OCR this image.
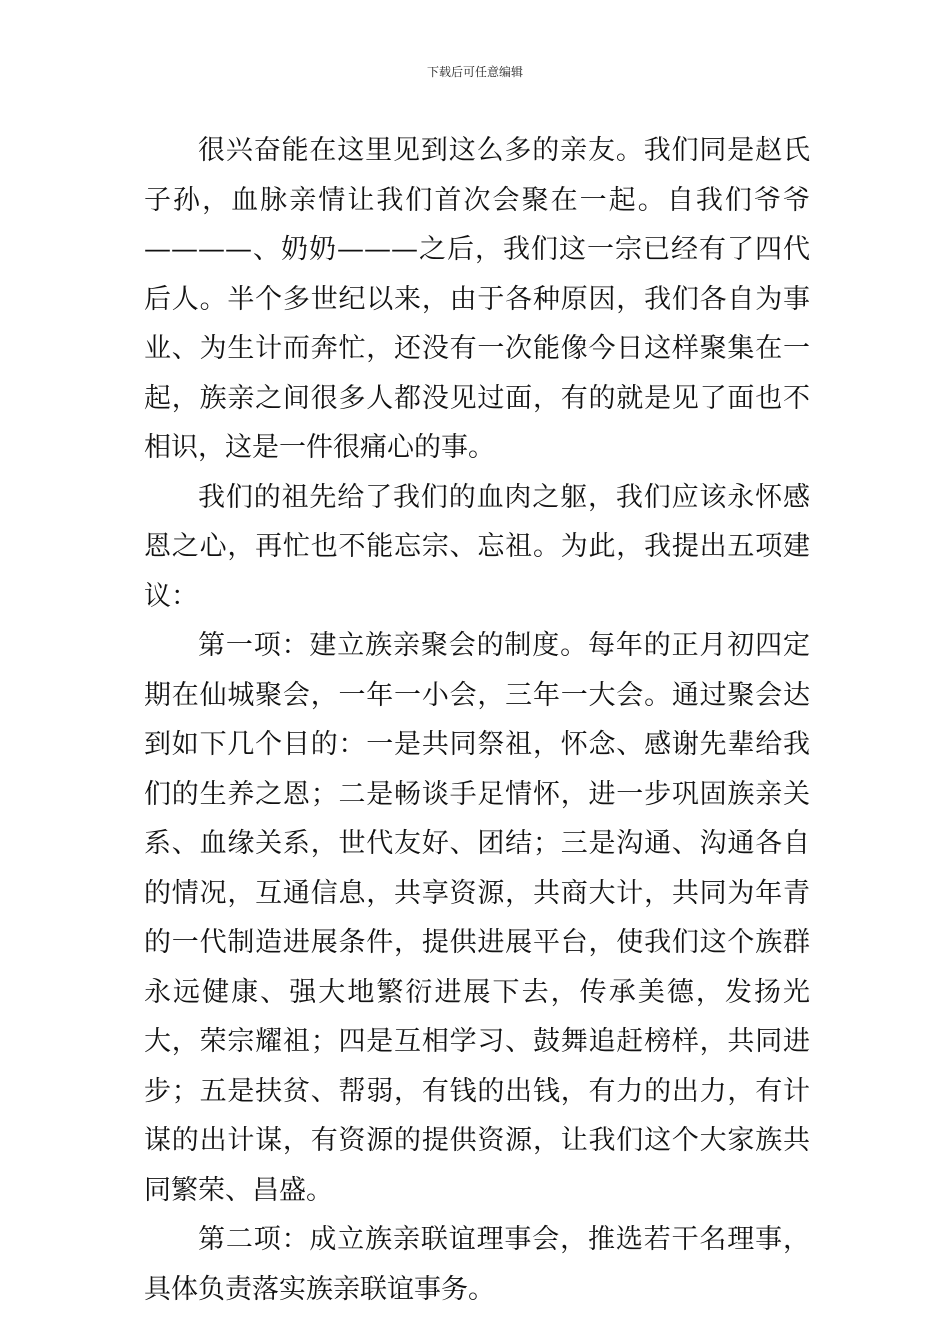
下载后可任意编辑

很兴奋能在这里见到这么多的亲友。我们同是赵氏子孙，血脉亲情让我们首次会聚在一起。自我们爷爷————、奶奶———之后，我们这一宗已经有了四代后人。半个多世纪以来，由于各种原因，我们各自为事业、为生计而奔忙，还没有一次能像今日这样聚集在一起，族亲之间很多人都没见过面，有的就是见了面也不相识，这是一件很痛心的事。

我们的祖先给了我们的血肉之躯，我们应该永怀感恩之心，再忙也不能忘宗、忘祖。为此，我提出五项建议：

第一项：建立族亲聚会的制度。每年的正月初四定期在仙城聚会，一年一小会，三年一大会。通过聚会达到如下几个目的：一是共同祭祖，怀念、感谢先辈给我们的生养之恩；二是畅谈手足情怀，进一步巩固族亲关系、血缘关系，世代友好、团结；三是沟通、沟通各自的情况，互通信息，共享资源，共商大计，共同为年青的一代制造进展条件，提供进展平台，使我们这个族群永远健康、强大地繁衍进展下去，传承美德，发扬光大，荣宗耀祖；四是互相学习、鼓舞追赶榜样，共同进步；五是扶贫、帮弱，有钱的出钱，有力的出力，有计谋的出计谋，有资源的提供资源，让我们这个大家族共同繁荣、昌盛。

第二项：成立族亲联谊理事会，推选若干名理事，具体负责落实族亲联谊事务。
